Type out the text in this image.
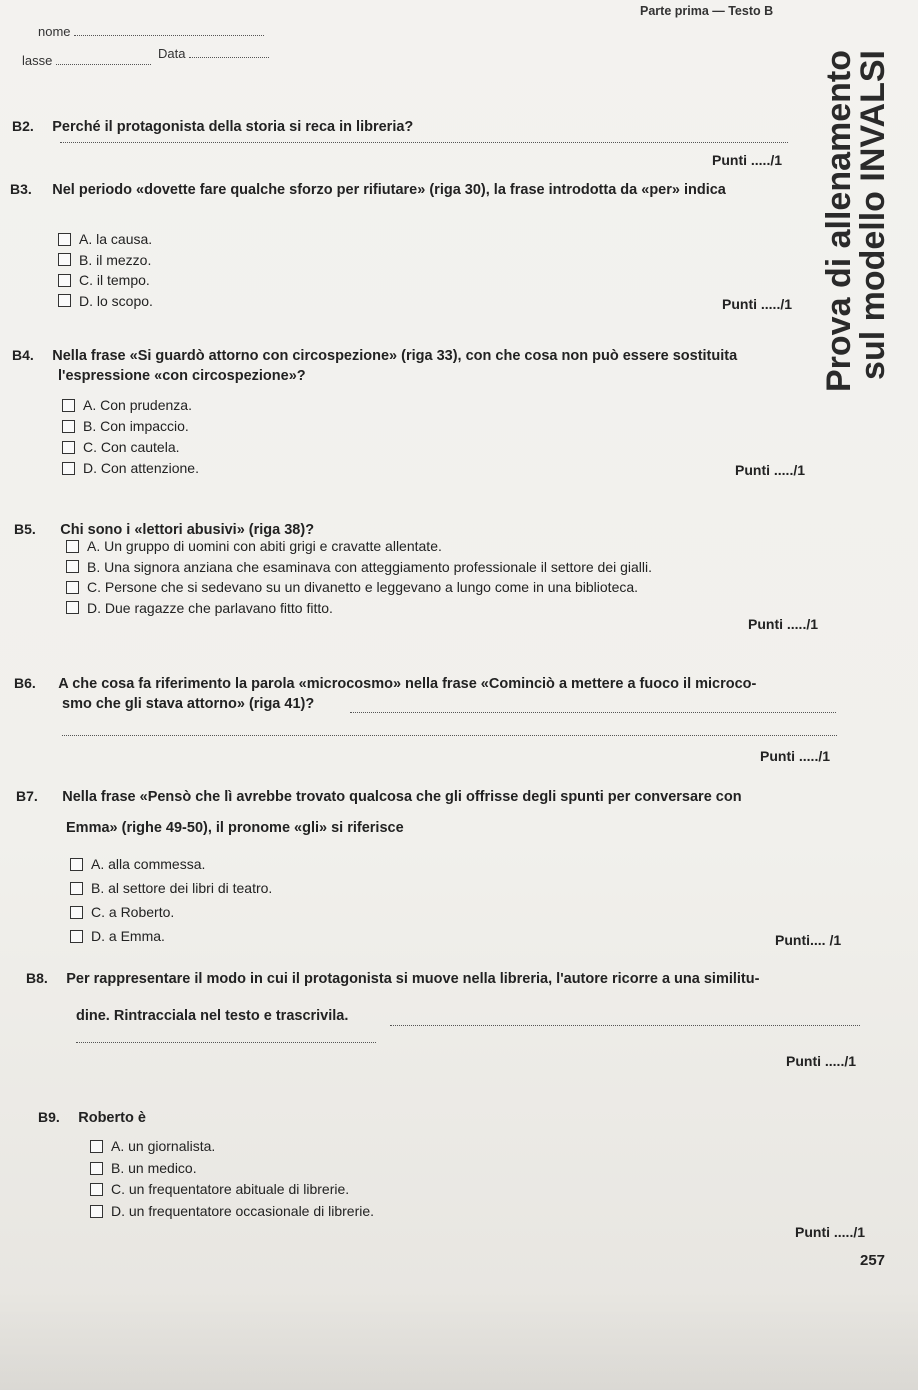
nome
Parte prima — Testo B
lasse	Data	Prova di allenamento
sul modello INVALSI
B2. Perché il protagonista della storia si reca in libreria?
Punti ...../1
B3. Nel periodo «dovette fare qualche sforzo per rifiutare» (riga 30), la frase introdotta da «per» indica
A. la causa.
B. il mezzo.
C. il tempo.
D. lo scopo.	Punti ...../1
B4. Nella frase «Si guardò attorno con circospezione» (riga 33), con che cosa non può essere sostituita
l'espressione «con circospezione»?
A. Con prudenza.
B. Con impaccio.
C. Con cautela.
D. Con attenzione.	Punti ...../1
B5. Chi sono i «lettori abusivi» (riga 38)?
A. Un gruppo di uomini con abiti grigi e cravatte allentate.
B. Una signora anziana che esaminava con atteggiamento professionale il settore dei gialli.
C. Persone che si sedevano su un divanetto e leggevano a lungo come in una biblioteca.
D. Due ragazze che parlavano fitto fitto.
Punti ...../1
B6. A che cosa fa riferimento la parola «microcosmo» nella frase «Cominciò a mettere a fuoco il microco-
smo che gli stava attorno» (riga 41)?
Punti ...../1
B7. Nella frase «Pensò che lì avrebbe trovato qualcosa che gli offrisse degli spunti per conversare con
Emma» (righe 49-50), il pronome «gli» si riferisce
A. alla commessa.
B. al settore dei libri di teatro.
C. a Roberto.
D. a Emma.	Punti.... /1
B8. Per rappresentare il modo in cui il protagonista si muove nella libreria, l'autore ricorre a una similitu-
dine. Rintracciala nel testo e trascrivila.
Punti ...../1
B9. Roberto è
A. un giornalista.
B. un medico.
C. un frequentatore abituale di librerie.
D. un frequentatore occasionale di librerie.
Punti ...../1
257
